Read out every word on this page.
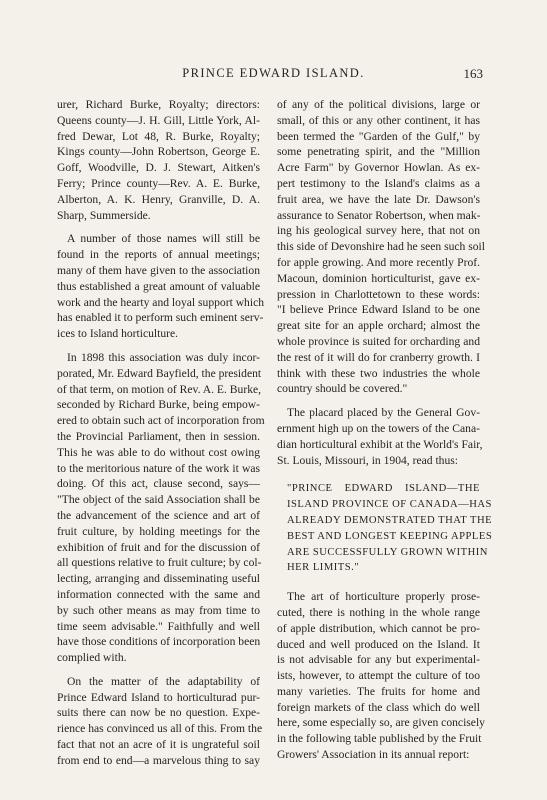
PRINCE EDWARD ISLAND.	163
urer, Richard Burke, Royalty; directors:
Queens county—J. H. Gill, Little York, Al-
fred Dewar, Lot 48, R. Burke, Royalty;
Kings county—John Robertson, George E.
Goff, Woodville, D. J. Stewart, Aitken's
Ferry; Prince county—Rev. A. E. Burke,
Alberton, A. K. Henry, Granville, D. A.
Sharp, Summerside.
A number of those names will still be
found in the reports of annual meetings;
many of them have given to the association
thus established a great amount of valuable
work and the hearty and loyal support which
has enabled it to perform such eminent serv-
ices to Island horticulture.
In 1898 this association was duly incor-
porated, Mr. Edward Bayfield, the president
of that term, on motion of Rev. A. E. Burke,
seconded by Richard Burke, being empow-
ered to obtain such act of incorporation from
the Provincial Parliament, then in session.
This he was able to do without cost owing
to the meritorious nature of the work it was
doing. Of this act, clause second, says—
"The object of the said Association shall be
the advancement of the science and art of
fruit culture, by holding meetings for the
exhibition of fruit and for the discussion of
all questions relative to fruit culture; by col-
lecting, arranging and disseminating useful
information connected with the same and
by such other means as may from time to
time seem advisable." Faithfully and well
have those conditions of incorporation been
complied with.
On the matter of the adaptability of
Prince Edward Island to horticulturad pur-
suits there can now be no question. Expe-
rience has convinced us all of this. From the
fact that not an acre of it is ungrateful soil
from end to end—a marvelous thing to say
of any of the political divisions, large or
small, of this or any other continent, it has
been termed the "Garden of the Gulf," by
some penetrating spirit, and the "Million
Acre Farm" by Governor Howlan. As ex-
pert testimony to the Island's claims as a
fruit area, we have the late Dr. Dawson's
assurance to Senator Robertson, when mak-
ing his geological survey here, that not on
this side of Devonshire had he seen such soil
for apple growing. And more recently Prof.
Macoun, dominion horticulturist, gave ex-
pression in Charlottetown to these words:
"I believe Prince Edward Island to be one
great site for an apple orchard; almost the
whole province is suited for orcharding and
the rest of it will do for cranberry growth. I
think with these two industries the whole
country should be covered."
The placard placed by the General Gov-
ernment high up on the towers of the Cana-
dian horticultural exhibit at the World's Fair,
St. Louis, Missouri, in 1904, read thus:
"PRINCE EDWARD ISLAND—THE
ISLAND PROVINCE OF CANADA—HAS
ALREADY DEMONSTRATED THAT THE
BEST AND LONGEST KEEPING APPLES
ARE SUCCESSFULLY GROWN WITHIN
HER LIMITS."
The art of horticulture properly prose-
cuted, there is nothing in the whole range
of apple distribution, which cannot be pro-
duced and well produced on the Island. It
is not advisable for any but experimental-
ists, however, to attempt the culture of too
many varieties. The fruits for home and
foreign markets of the class which do well
here, some especially so, are given concisely
in the following table published by the Fruit
Growers' Association in its annual report:
